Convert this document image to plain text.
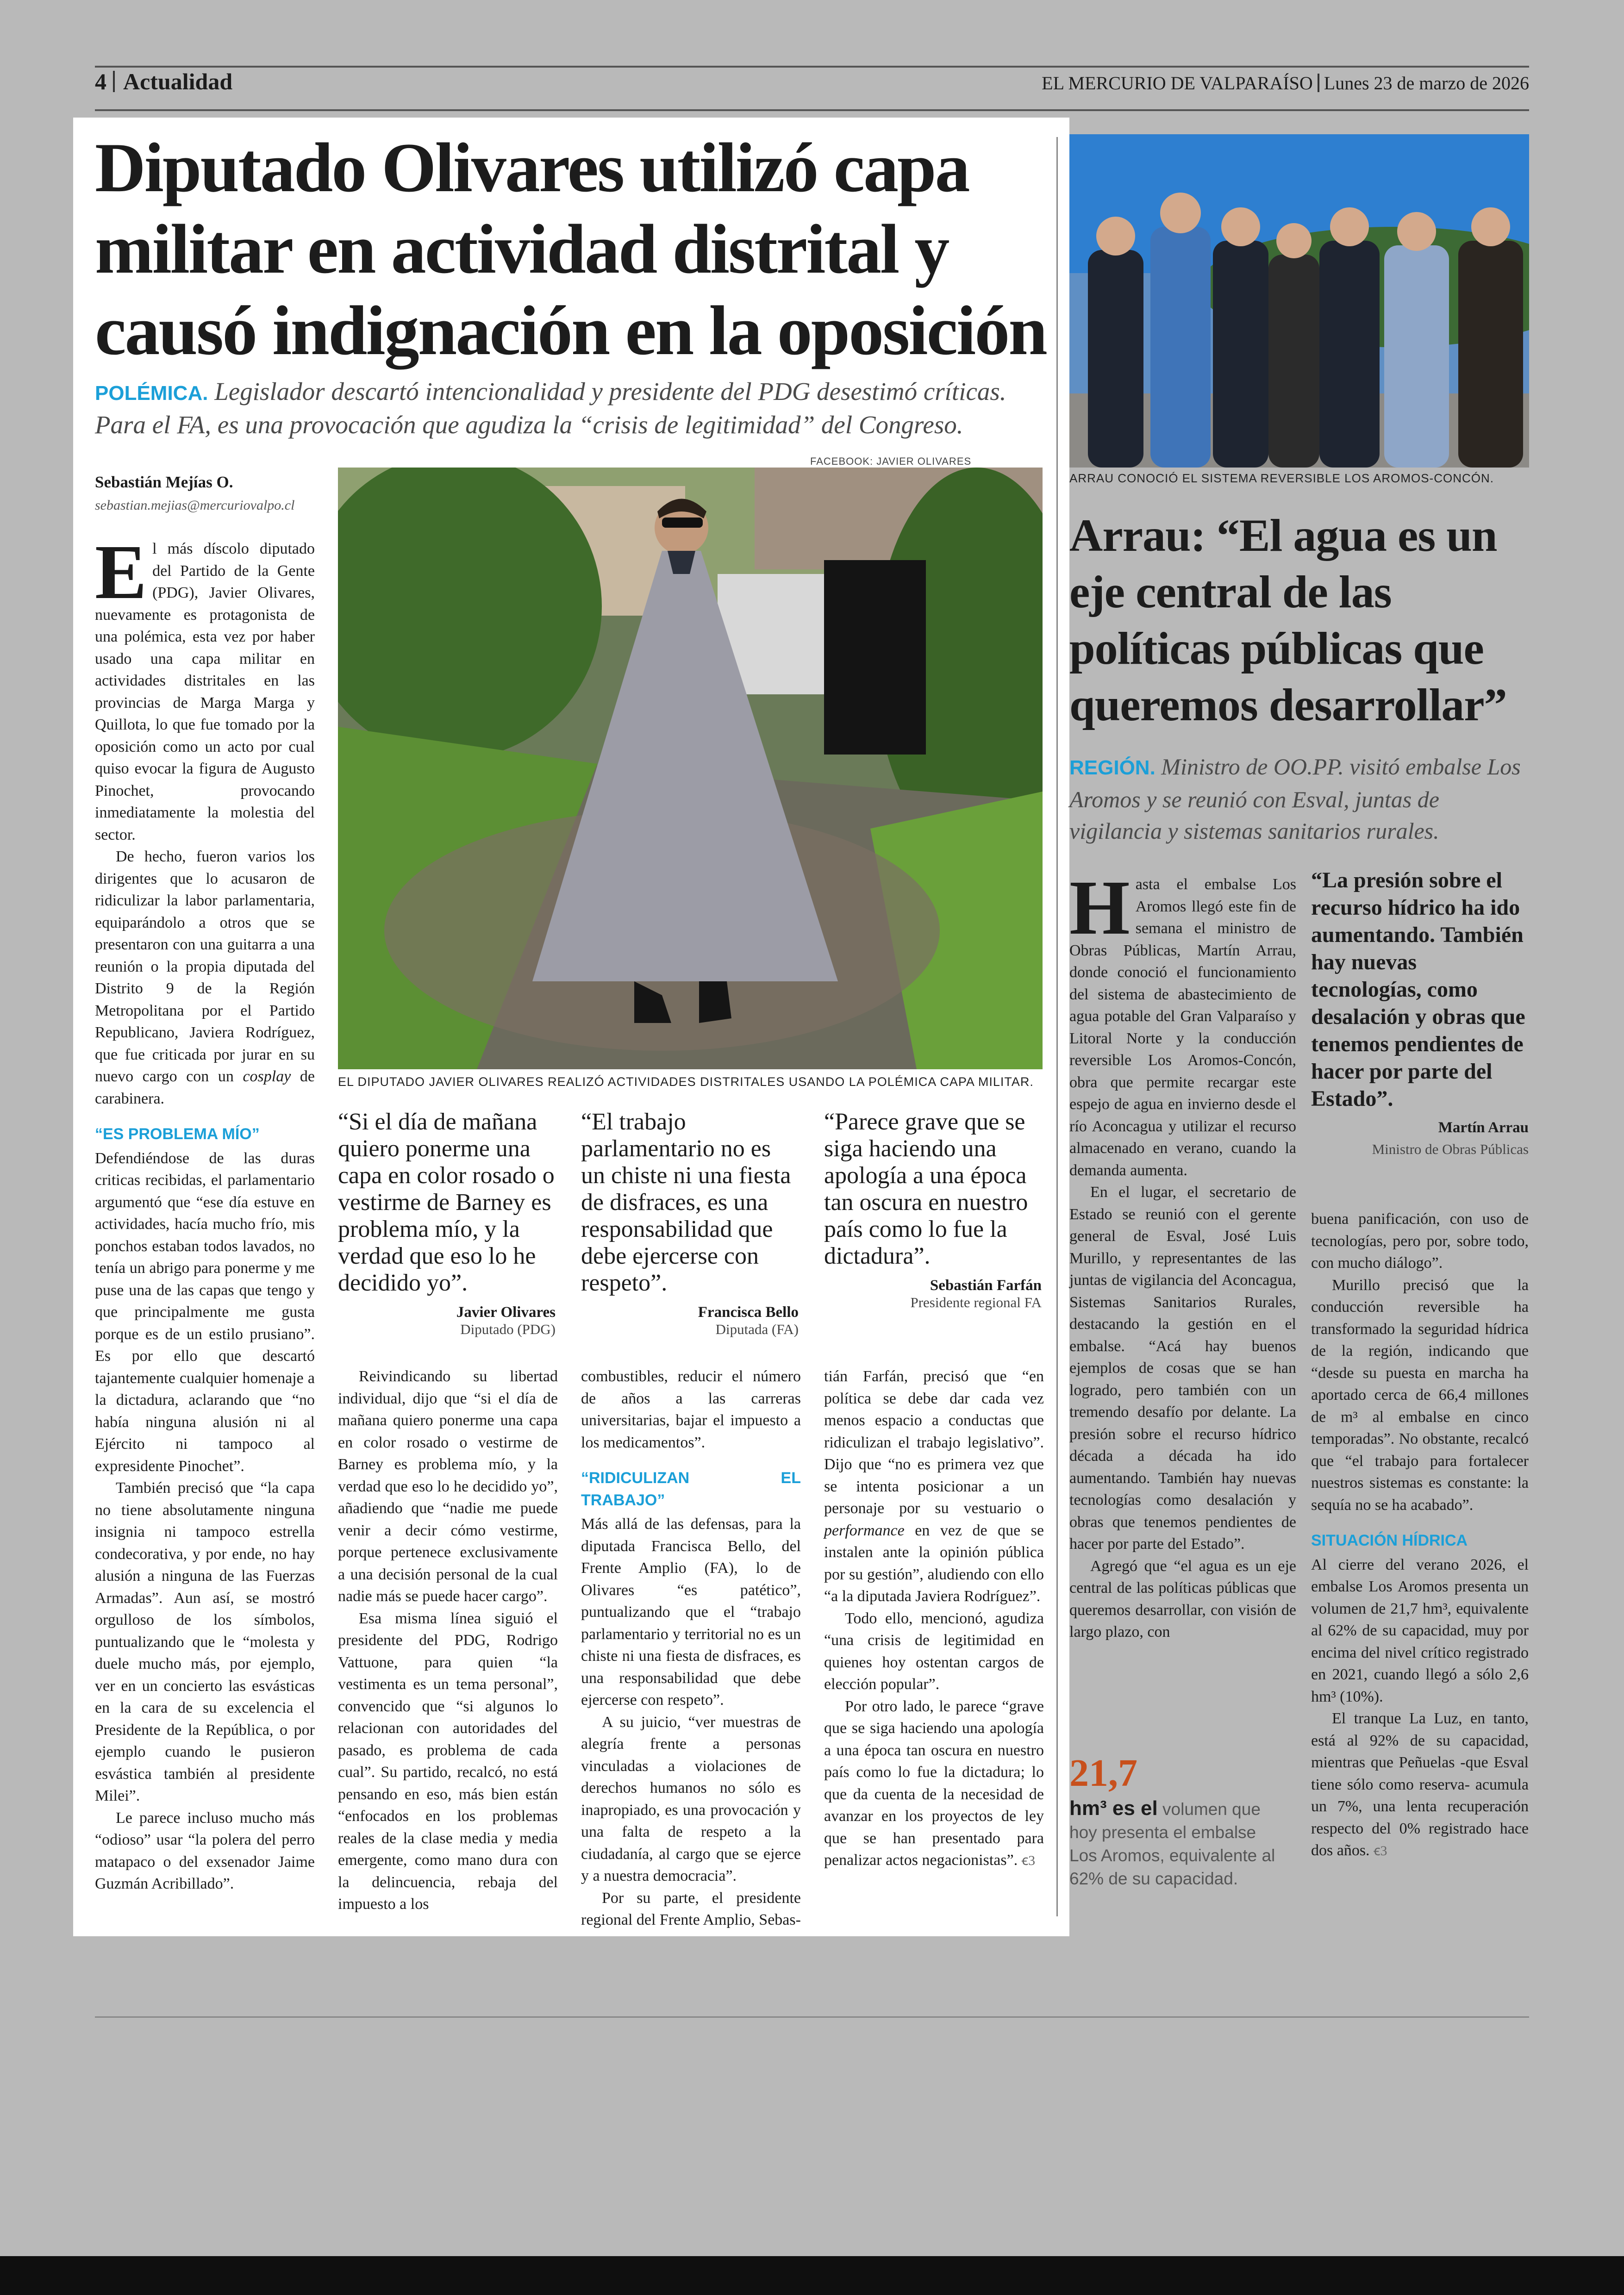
4 Actualidad	EL MERCURIO DE VALPARAÍSO Lunes 23 de marzo de 2026
Diputado Olivares utilizó capa militar en actividad distrital y causó indignación en la oposición

POLÉMICA. Legislador descartó intencionalidad y presidente del PDG desestimó críticas. Para el FA, es una provocación que agudiza la “crisis de legitimidad” del Congreso.

Sebastián Mejías O.
sebastian.mejias@mercuriovalpo.cl

El más díscolo diputado del Partido de la Gente (PDG), Javier Olivares, nuevamente es protagonista de una polémica, esta vez por haber usado una capa militar en actividades distritales en las provincias de Marga Marga y Quillota, lo que fue tomado por la oposición como un acto por cual quiso evocar la figura de Augusto Pinochet, provocando inmediatamente la molestia del sector.

De hecho, fueron varios los dirigentes que lo acusaron de ridiculizar la labor parlamentaria, equiparándolo a otros que se presentaron con una guitarra a una reunión o la propia diputada del Distrito 9 de la Región Metropolitana por el Partido Republicano, Javiera Rodríguez, que fue criticada por jurar en su nuevo cargo con un cosplay de carabinera.

“ES PROBLEMA MÍO”

Defendiéndose de las duras criticas recibidas, el parlamentario argumentó que “ese día estuve en actividades, hacía mucho frío, mis ponchos estaban todos lavados, no tenía un abrigo para ponerme y me puse una de las capas que tengo y que principalmente me gusta porque es de un estilo prusiano”. Es por ello que descartó tajantemente cualquier homenaje a la dictadura, aclarando que “no había ninguna alusión ni al Ejército ni tampoco al expresidente Pinochet”.

También precisó que “la capa no tiene absolutamente ninguna insignia ni tampoco estrella condecorativa, y por ende, no hay alusión a ninguna de las Fuerzas Armadas”. Aun así, se mostró orgulloso de los símbolos, puntualizando que le “molesta y duele mucho más, por ejemplo, ver en un concierto las esvásticas en la cara de su excelencia el Presidente de la República, o por ejemplo cuando le pusieron esvástica también al presidente Milei”.

Le parece incluso mucho más “odioso” usar “la polera del perro matapaco o del exsenador Jaime Guzmán Acribillado”.

FACEBOOK: JAVIER OLIVARES
EL DIPUTADO JAVIER OLIVARES REALIZÓ ACTIVIDADES DISTRITALES USANDO LA POLÉMICA CAPA MILITAR.
“Si el día de mañana quiero ponerme una capa en color rosado o vestirme de Barney es problema mío, y la verdad que eso lo he decidido yo”.
Javier Olivares
Diputado (PDG)
“El trabajo parlamentario no es un chiste ni una fiesta de disfraces, es una responsabilidad que debe ejercerse con respeto”.
Francisca Bello
Diputada (FA)
“Parece grave que se siga haciendo una apología a una época tan oscura en nuestro país como lo fue la dictadura”.
Sebastián Farfán
Presidente regional FA

Reivindicando su libertad individual, dijo que “si el día de mañana quiero ponerme una capa en color rosado o vestirme de Barney es problema mío, y la verdad que eso lo he decidido yo”, añadiendo que “nadie me puede venir a decir cómo vestirme, porque pertenece exclusivamente a una decisión personal de la cual nadie más se puede hacer cargo”.

Esa misma línea siguió el presidente del PDG, Rodrigo Vattuone, para quien “la vestimenta es un tema personal”, convencido que “si algunos lo relacionan con autoridades del pasado, es problema de cada cual”. Su partido, recalcó, no está pensando en eso, más bien están “enfocados en los problemas reales de la clase media y media emergente, como mano dura con la delincuencia, rebaja del impuesto a los

combustibles, reducir el número de años a las carreras universitarias, bajar el impuesto a los medicamentos”.

“RIDICULIZAN EL TRABAJO”

Más allá de las defensas, para la diputada Francisca Bello, del Frente Amplio (FA), lo de Olivares “es patético”, puntualizando que el “trabajo parlamentario y territorial no es un chiste ni una fiesta de disfraces, es una responsabilidad que debe ejercerse con respeto”.

A su juicio, “ver muestras de alegría frente a personas vinculadas a violaciones de derechos humanos no sólo es inapropiado, es una provocación y una falta de respeto a la ciudadanía, al cargo que se ejerce y a nuestra democracia”.

Por su parte, el presidente regional del Frente Amplio, Sebas-

tián Farfán, precisó que “en política se debe dar cada vez menos espacio a conductas que ridiculizan el trabajo legislativo”. Dijo que “no es primera vez que se intenta posicionar a un personaje por su vestuario o performance en vez de que se instalen ante la opinión pública por su gestión”, aludiendo con ello “a la diputada Javiera Rodríguez”.

Todo ello, mencionó, agudiza “una crisis de legitimidad en quienes hoy ostentan cargos de elección popular”.

Por otro lado, le parece “grave que se siga haciendo una apología a una época tan oscura en nuestro país como lo fue la dictadura; lo que da cuenta de la necesidad de avanzar en los proyectos de ley que se han presentado para penalizar actos negacionistas”. ꞓ3

ARRAU CONOCIÓ EL SISTEMA REVERSIBLE LOS AROMOS-CONCÓN.
Arrau: “El agua es un eje central de las políticas públicas que queremos desarrollar”

REGIÓN. Ministro de OO.PP. visitó embalse Los Aromos y se reunió con Esval, juntas de vigilancia y sistemas sanitarios rurales.

Hasta el embalse Los Aromos llegó este fin de semana el ministro de Obras Públicas, Martín Arrau, donde conoció el funcionamiento del sistema de abastecimiento de agua potable del Gran Valparaíso y Litoral Norte y la conducción reversible Los Aromos-Concón, obra que permite recargar este espejo de agua en invierno desde el río Aconcagua y utilizar el recurso almacenado en verano, cuando la demanda aumenta.

En el lugar, el secretario de Estado se reunió con el gerente general de Esval, José Luis Murillo, y representantes de las juntas de vigilancia del Aconcagua, Sistemas Sanitarios Rurales, destacando la gestión en el embalse. “Acá hay buenos ejemplos de cosas que se han logrado, pero también con un tremendo desafío por delante. La presión sobre el recurso hídrico década a década ha ido aumentando. También hay nuevas tecnologías como desalación y obras que tenemos pendientes de hacer por parte del Estado”.

Agregó que “el agua es un eje central de las políticas públicas que queremos desarrollar, con visión de largo plazo, con

21,7

hm³ es el volumen que hoy presenta el embalse Los Aromos, equivalente al 62% de su capacidad.

“La presión sobre el recurso hídrico ha ido aumentando. También hay nuevas tecnologías, como desalación y obras que tenemos pendientes de hacer por parte del Estado”.

Martín Arrau
Ministro de Obras Públicas

buena panificación, con uso de tecnologías, pero por, sobre todo, con mucho diálogo”.

Murillo precisó que la conducción reversible ha transformado la seguridad hídrica de la región, indicando que “desde su puesta en marcha ha aportado cerca de 66,4 millones de m³ al embalse en cinco temporadas”. No obstante, recalcó que “el trabajo para fortalecer nuestros sistemas es constante: la sequía no se ha acabado”.

SITUACIÓN HÍDRICA

Al cierre del verano 2026, el embalse Los Aromos presenta un volumen de 21,7 hm³, equivalente al 62% de su capacidad, muy por encima del nivel crítico registrado en 2021, cuando llegó a sólo 2,6 hm³ (10%).

El tranque La Luz, en tanto, está al 92% de su capacidad, mientras que Peñuelas -que Esval tiene sólo como reserva- acumula un 7%, una lenta recuperación respecto del 0% registrado hace dos años. ꞓ3
